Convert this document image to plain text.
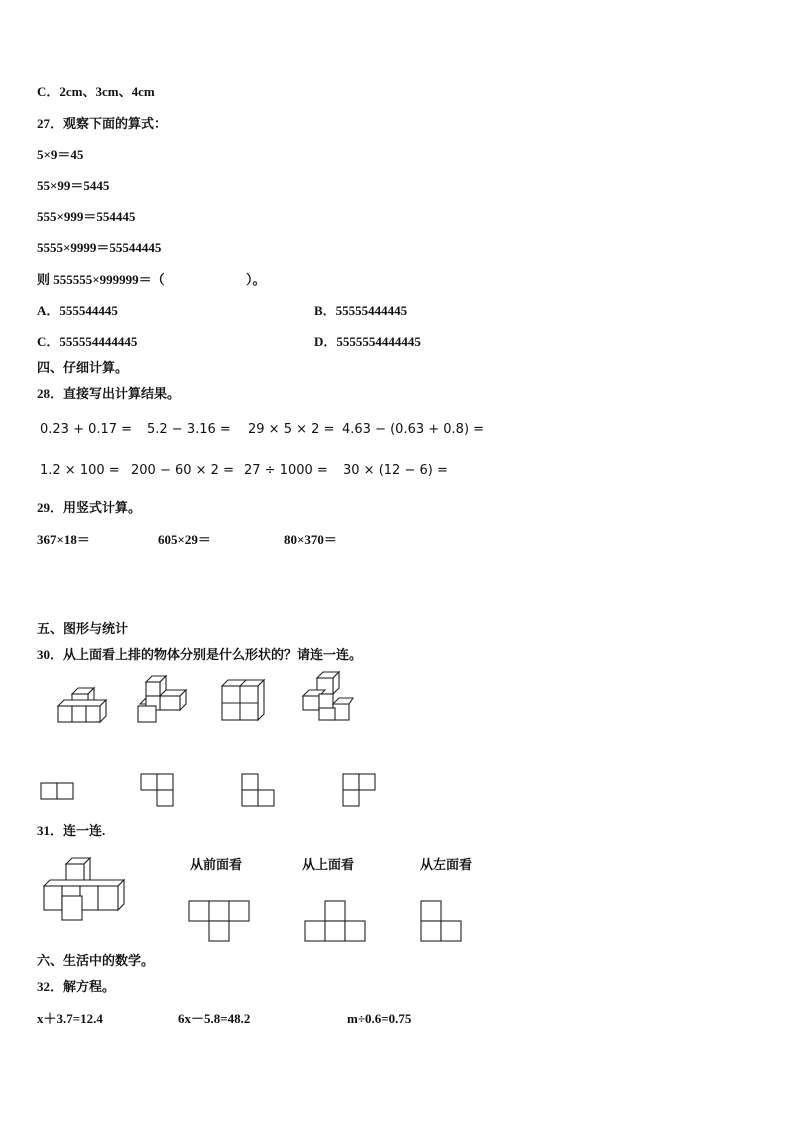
C．2cm、3cm、4cm
27．观察下面的算式：
5×9＝45
55×99＝5445
555×999＝554445
5555×9999＝55544445
则 555555×999999＝（	）。
A．555544445	B．55555444445
C．555554444445	D．5555554444445
四、仔细计算。
28．直接写出计算结果。
0.23 + 0.17 = 5.2 − 3.16 = 29 × 5 × 2 = 4.63 − (0.63 + 0.8) =
1.2 × 100 = 200 − 60 × 2 = 27 ÷ 1000 = 30 × (12 − 6) =
29．用竖式计算。
367×18＝	605×29＝	80×370＝
五、图形与统计
30．从上面看上排的物体分别是什么形状的？请连一连。
31．连一连.
从前面看	从上面看	从左面看
六、生活中的数学。
32．解方程。
x＋3.7=12.4	6x－5.8=48.2	m÷0.6=0.75
